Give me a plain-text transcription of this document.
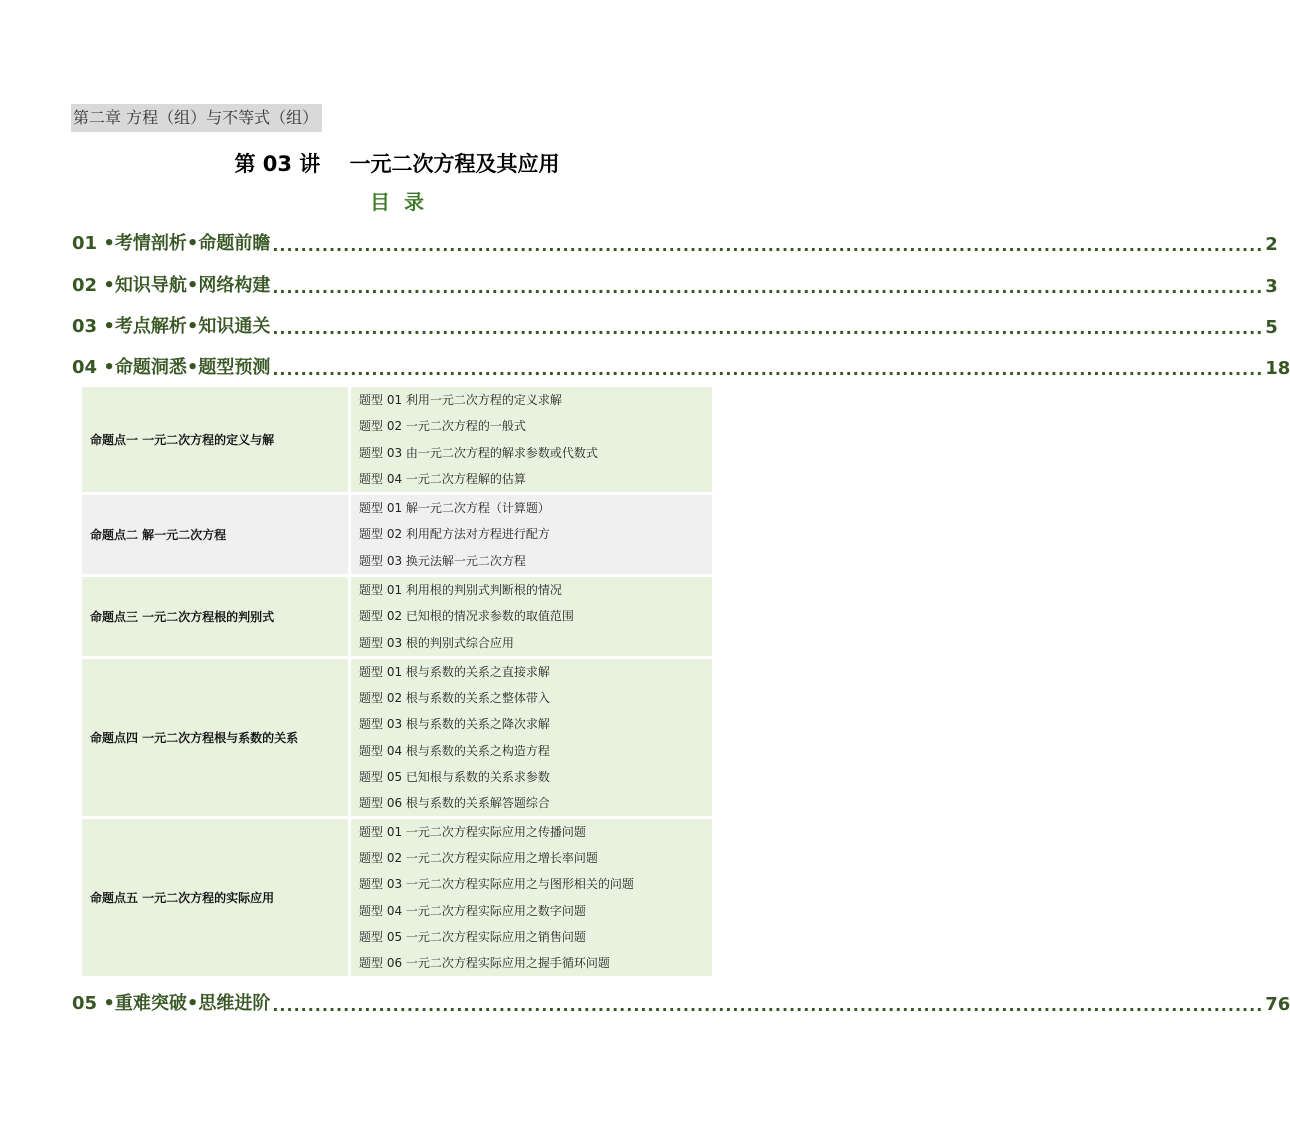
第二章 方程（组）与不等式（组）
第 03 讲    一元二次方程及其应用
目录
01 •考情剖析•命题前瞻 ............................................................................................................................................ 2
02 •知识导航•网络构建 ............................................................................................................................................ 3
03 •考点解析•知识通关 ............................................................................................................................................ 5
04 •命题洞悉•题型预测 ............................................................................................................................................ 18
命题点一 一元二次方程的定义与解
题型 01 利用一元二次方程的定义求解
题型 02 一元二次方程的一般式
题型 03 由一元二次方程的解求参数或代数式
题型 04 一元二次方程解的估算
命题点二 解一元二次方程
题型 01 解一元二次方程（计算题）
题型 02 利用配方法对方程进行配方
题型 03 换元法解一元二次方程
命题点三 一元二次方程根的判别式
题型 01 利用根的判别式判断根的情况
题型 02 已知根的情况求参数的取值范围
题型 03 根的判别式综合应用
命题点四 一元二次方程根与系数的关系
题型 01 根与系数的关系之直接求解
题型 02 根与系数的关系之整体带入
题型 03 根与系数的关系之降次求解
题型 04 根与系数的关系之构造方程
题型 05 已知根与系数的关系求参数
题型 06 根与系数的关系解答题综合
命题点五 一元二次方程的实际应用
题型 01 一元二次方程实际应用之传播问题
题型 02 一元二次方程实际应用之增长率问题
题型 03 一元二次方程实际应用之与图形相关的问题
题型 04 一元二次方程实际应用之数字问题
题型 05 一元二次方程实际应用之销售问题
题型 06 一元二次方程实际应用之握手循环问题
05 •重难突破•思维进阶 ............................................................................................................................................ 76
